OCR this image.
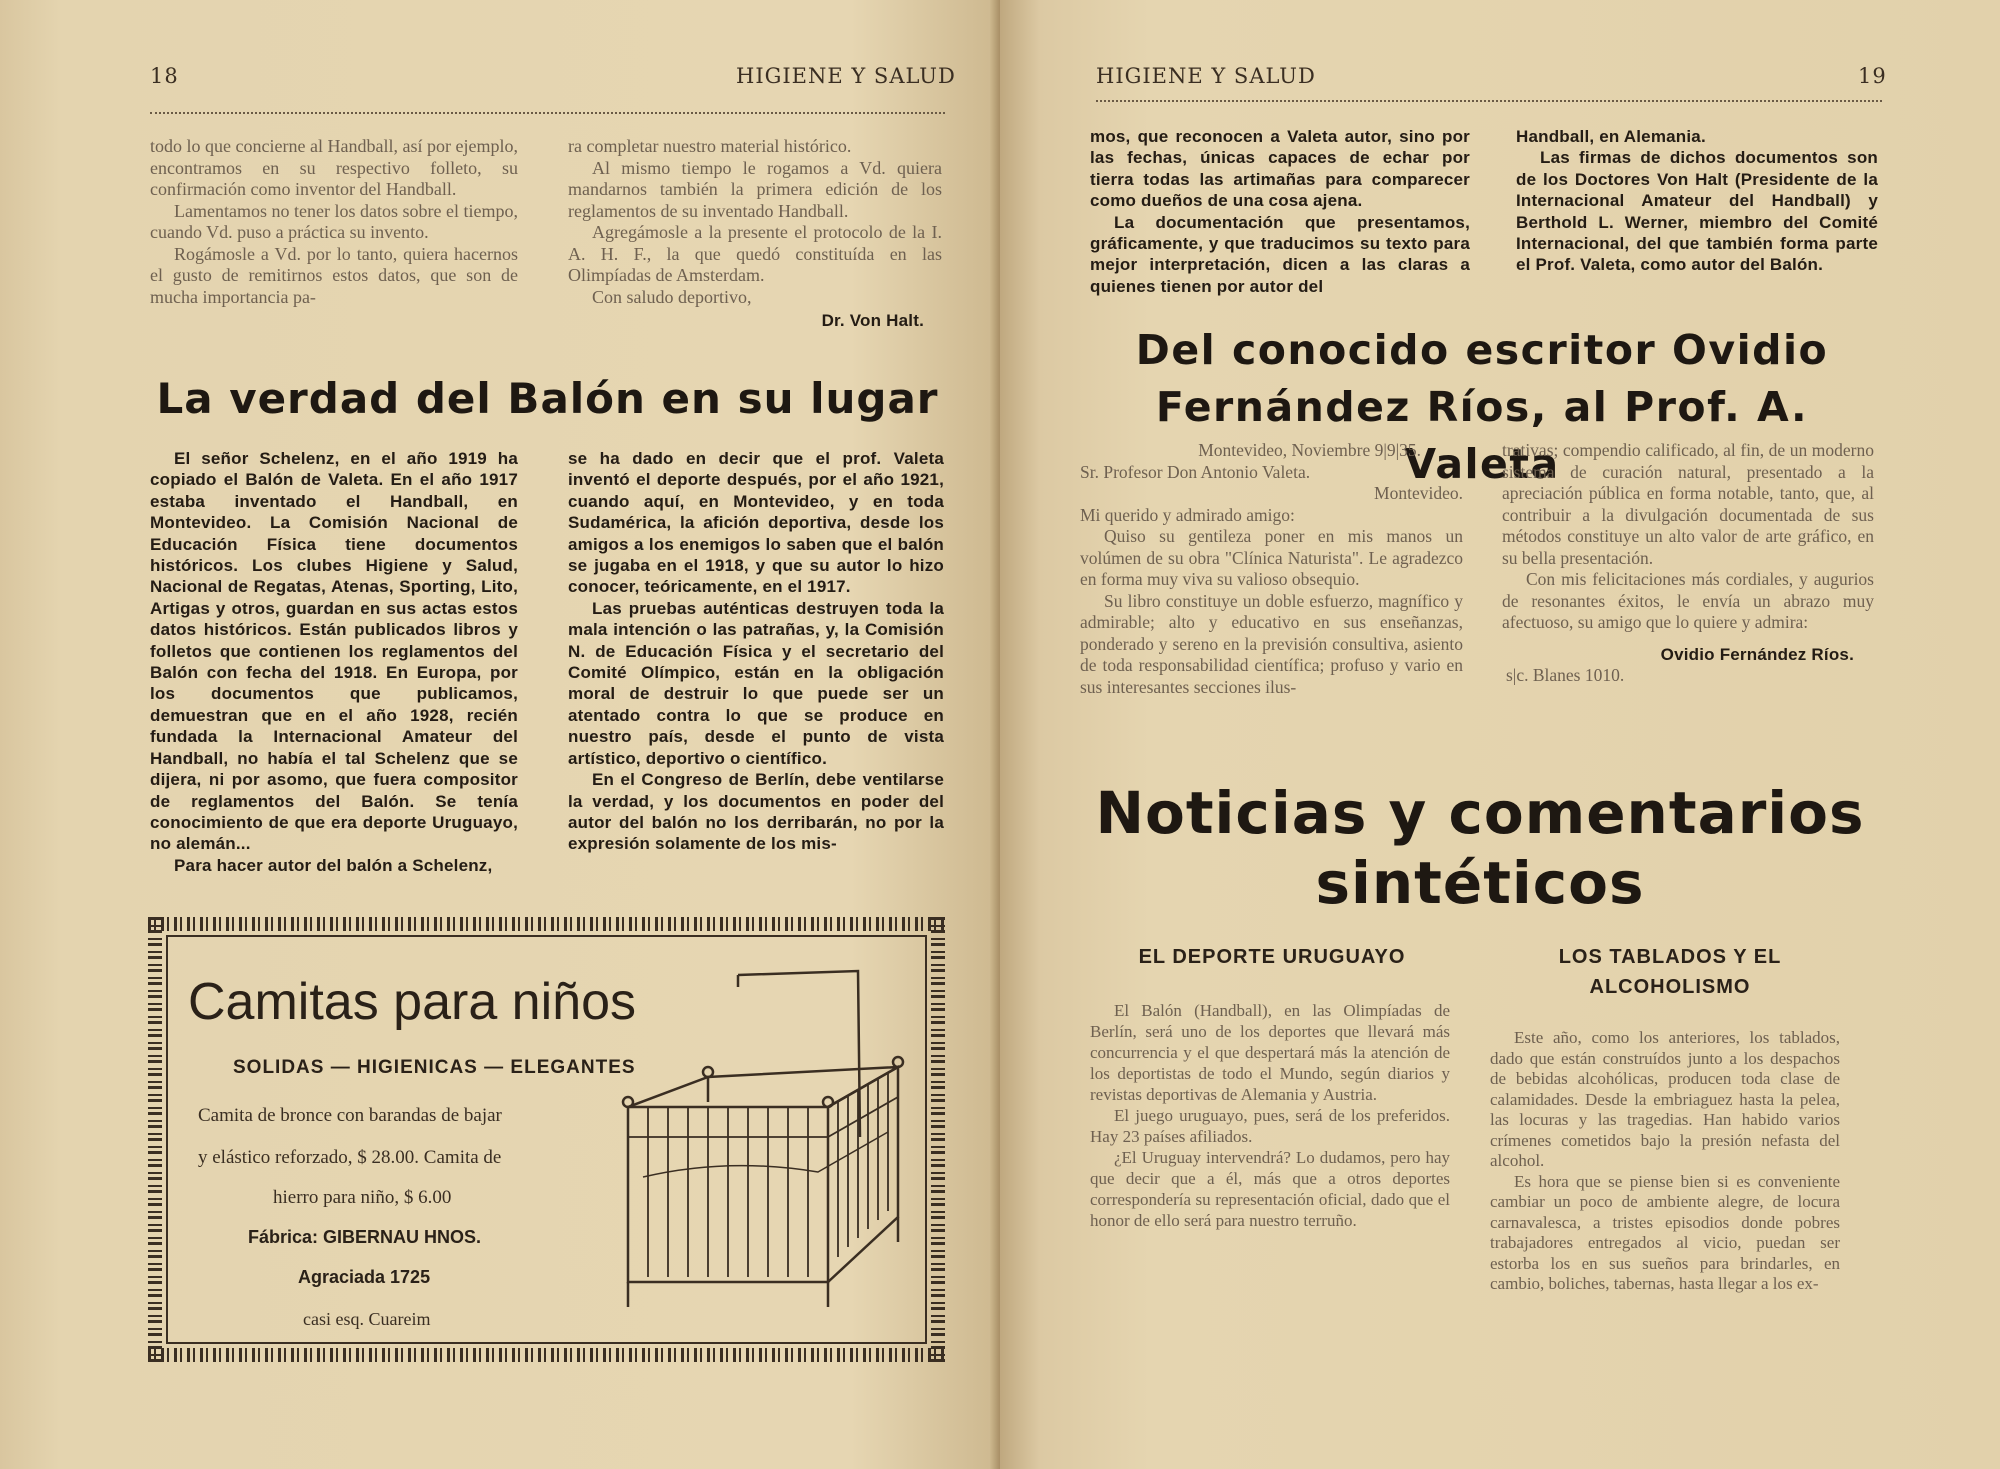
18	HIGIENE Y SALUD

todo lo que concierne al Handball, así por ejemplo, encontramos en su respectivo folleto, su confirmación como inventor del Handball.

Lamentamos no tener los datos sobre el tiempo, cuando Vd. puso a práctica su invento.

Rogámosle a Vd. por lo tanto, quiera hacernos el gusto de remitirnos estos datos, que son de mucha importancia pa-

ra completar nuestro material histórico.

Al mismo tiempo le rogamos a Vd. quiera mandarnos también la primera edición de los reglamentos de su inventado Handball.

Agregámosle a la presente el protocolo de la I. A. H. F., la que quedó constituída en las Olimpíadas de Amsterdam.

Con saludo deportivo,

Dr. Von Halt.
La verdad del Balón en su lugar

El señor Schelenz, en el año 1919 ha copiado el Balón de Valeta. En el año 1917 estaba inventado el Handball, en Montevideo. La Comisión Nacional de Educación Física tiene documentos históricos. Los clubes Higiene y Salud, Nacional de Regatas, Atenas, Sporting, Lito, Artigas y otros, guardan en sus actas estos datos históricos. Están publicados libros y folletos que contienen los reglamentos del Balón con fecha del 1918. En Europa, por los documentos que publicamos, demuestran que en el año 1928, recién fundada la Internacional Amateur del Handball, no había el tal Schelenz que se dijera, ni por asomo, que fuera compositor de reglamentos del Balón. Se tenía conocimiento de que era deporte Uruguayo, no alemán...

Para hacer autor del balón a Schelenz,

se ha dado en decir que el prof. Valeta inventó el deporte después, por el año 1921, cuando aquí, en Montevideo, y en toda Sudamérica, la afición deportiva, desde los amigos a los enemigos lo saben que el balón se jugaba en el 1918, y que su autor lo hizo conocer, teóricamente, en el 1917.

Las pruebas auténticas destruyen toda la mala intención o las patrañas, y, la Comisión N. de Educación Física y el secretario del Comité Olímpico, están en la obligación moral de destruir lo que puede ser un atentado contra lo que se produce en nuestro país, desde el punto de vista artístico, deportivo o científico.

En el Congreso de Berlín, debe ventilarse la verdad, y los documentos en poder del autor del balón no los derribarán, no por la expresión solamente de los mis-

Camitas para niños
SOLIDAS — HIGIENICAS — ELEGANTES
Camita de bronce con barandas de bajar
y elástico reforzado, $ 28.00. Camita de
hierro para niño, $ 6.00
Fábrica: GIBERNAU HNOS.
Agraciada 1725
casi esq. Cuareim
HIGIENE Y SALUD	19

mos, que reconocen a Valeta autor, sino por las fechas, únicas capaces de echar por tierra todas las artimañas para comparecer como dueños de una cosa ajena.

La documentación que presentamos, gráficamente, y que traducimos su texto para mejor interpretación, dicen a las claras a quienes tienen por autor del

Handball, en Alemania.

Las firmas de dichos documentos son de los Doctores Von Halt (Presidente de la Internacional Amateur del Handball) y Berthold L. Werner, miembro del Comité Internacional, del que también forma parte el Prof. Valeta, como autor del Balón.

Del conocido escritor Ovidio Fernández Ríos, al Prof. A. Valeta
Montevideo, Noviembre 9|9|35.
Sr. Profesor Don Antonio Valeta.
Montevideo.
Mi querido y admirado amigo:

Quiso su gentileza poner en mis manos un volúmen de su obra "Clínica Naturista". Le agradezco en forma muy viva su valioso obsequio.

Su libro constituye un doble esfuerzo, magnífico y admirable; alto y educativo en sus enseñanzas, ponderado y sereno en la previsión consultiva, asiento de toda responsabilidad científica; profuso y vario en sus interesantes secciones ilus-

trativas; compendio calificado, al fin, de un moderno sistema de curación natural, presentado a la apreciación pública en forma notable, tanto, que, al contribuir a la divulgación documentada de sus métodos constituye un alto valor de arte gráfico, en su bella presentación.

Con mis felicitaciones más cordiales, y augurios de resonantes éxitos, le envía un abrazo muy afectuoso, su amigo que lo quiere y admira:

Ovidio Fernández Ríos.
s|c. Blanes 1010.
Noticias y comentarios sintéticos
EL DEPORTE URUGUAYO	LOS TABLADOS Y EL ALCOHOLISMO

El Balón (Handball), en las Olimpíadas de Berlín, será uno de los deportes que llevará más concurrencia y el que despertará más la atención de los deportistas de todo el Mundo, según diarios y revistas deportivas de Alemania y Austria.

El juego uruguayo, pues, será de los preferidos. Hay 23 países afiliados.

¿El Uruguay intervendrá? Lo dudamos, pero hay que decir que a él, más que a otros deportes correspondería su representación oficial, dado que el honor de ello será para nuestro terruño.

Este año, como los anteriores, los tablados, dado que están construídos junto a los despachos de bebidas alcohólicas, producen toda clase de calamidades. Desde la embriaguez hasta la pelea, las locuras y las tragedias. Han habido varios crímenes cometidos bajo la presión nefasta del alcohol.

Es hora que se piense bien si es conveniente cambiar un poco de ambiente alegre, de locura carnavalesca, a tristes episodios donde pobres trabajadores entregados al vicio, puedan ser estorba los en sus sueños para brindarles, en cambio, boliches, tabernas, hasta llegar a los ex-
